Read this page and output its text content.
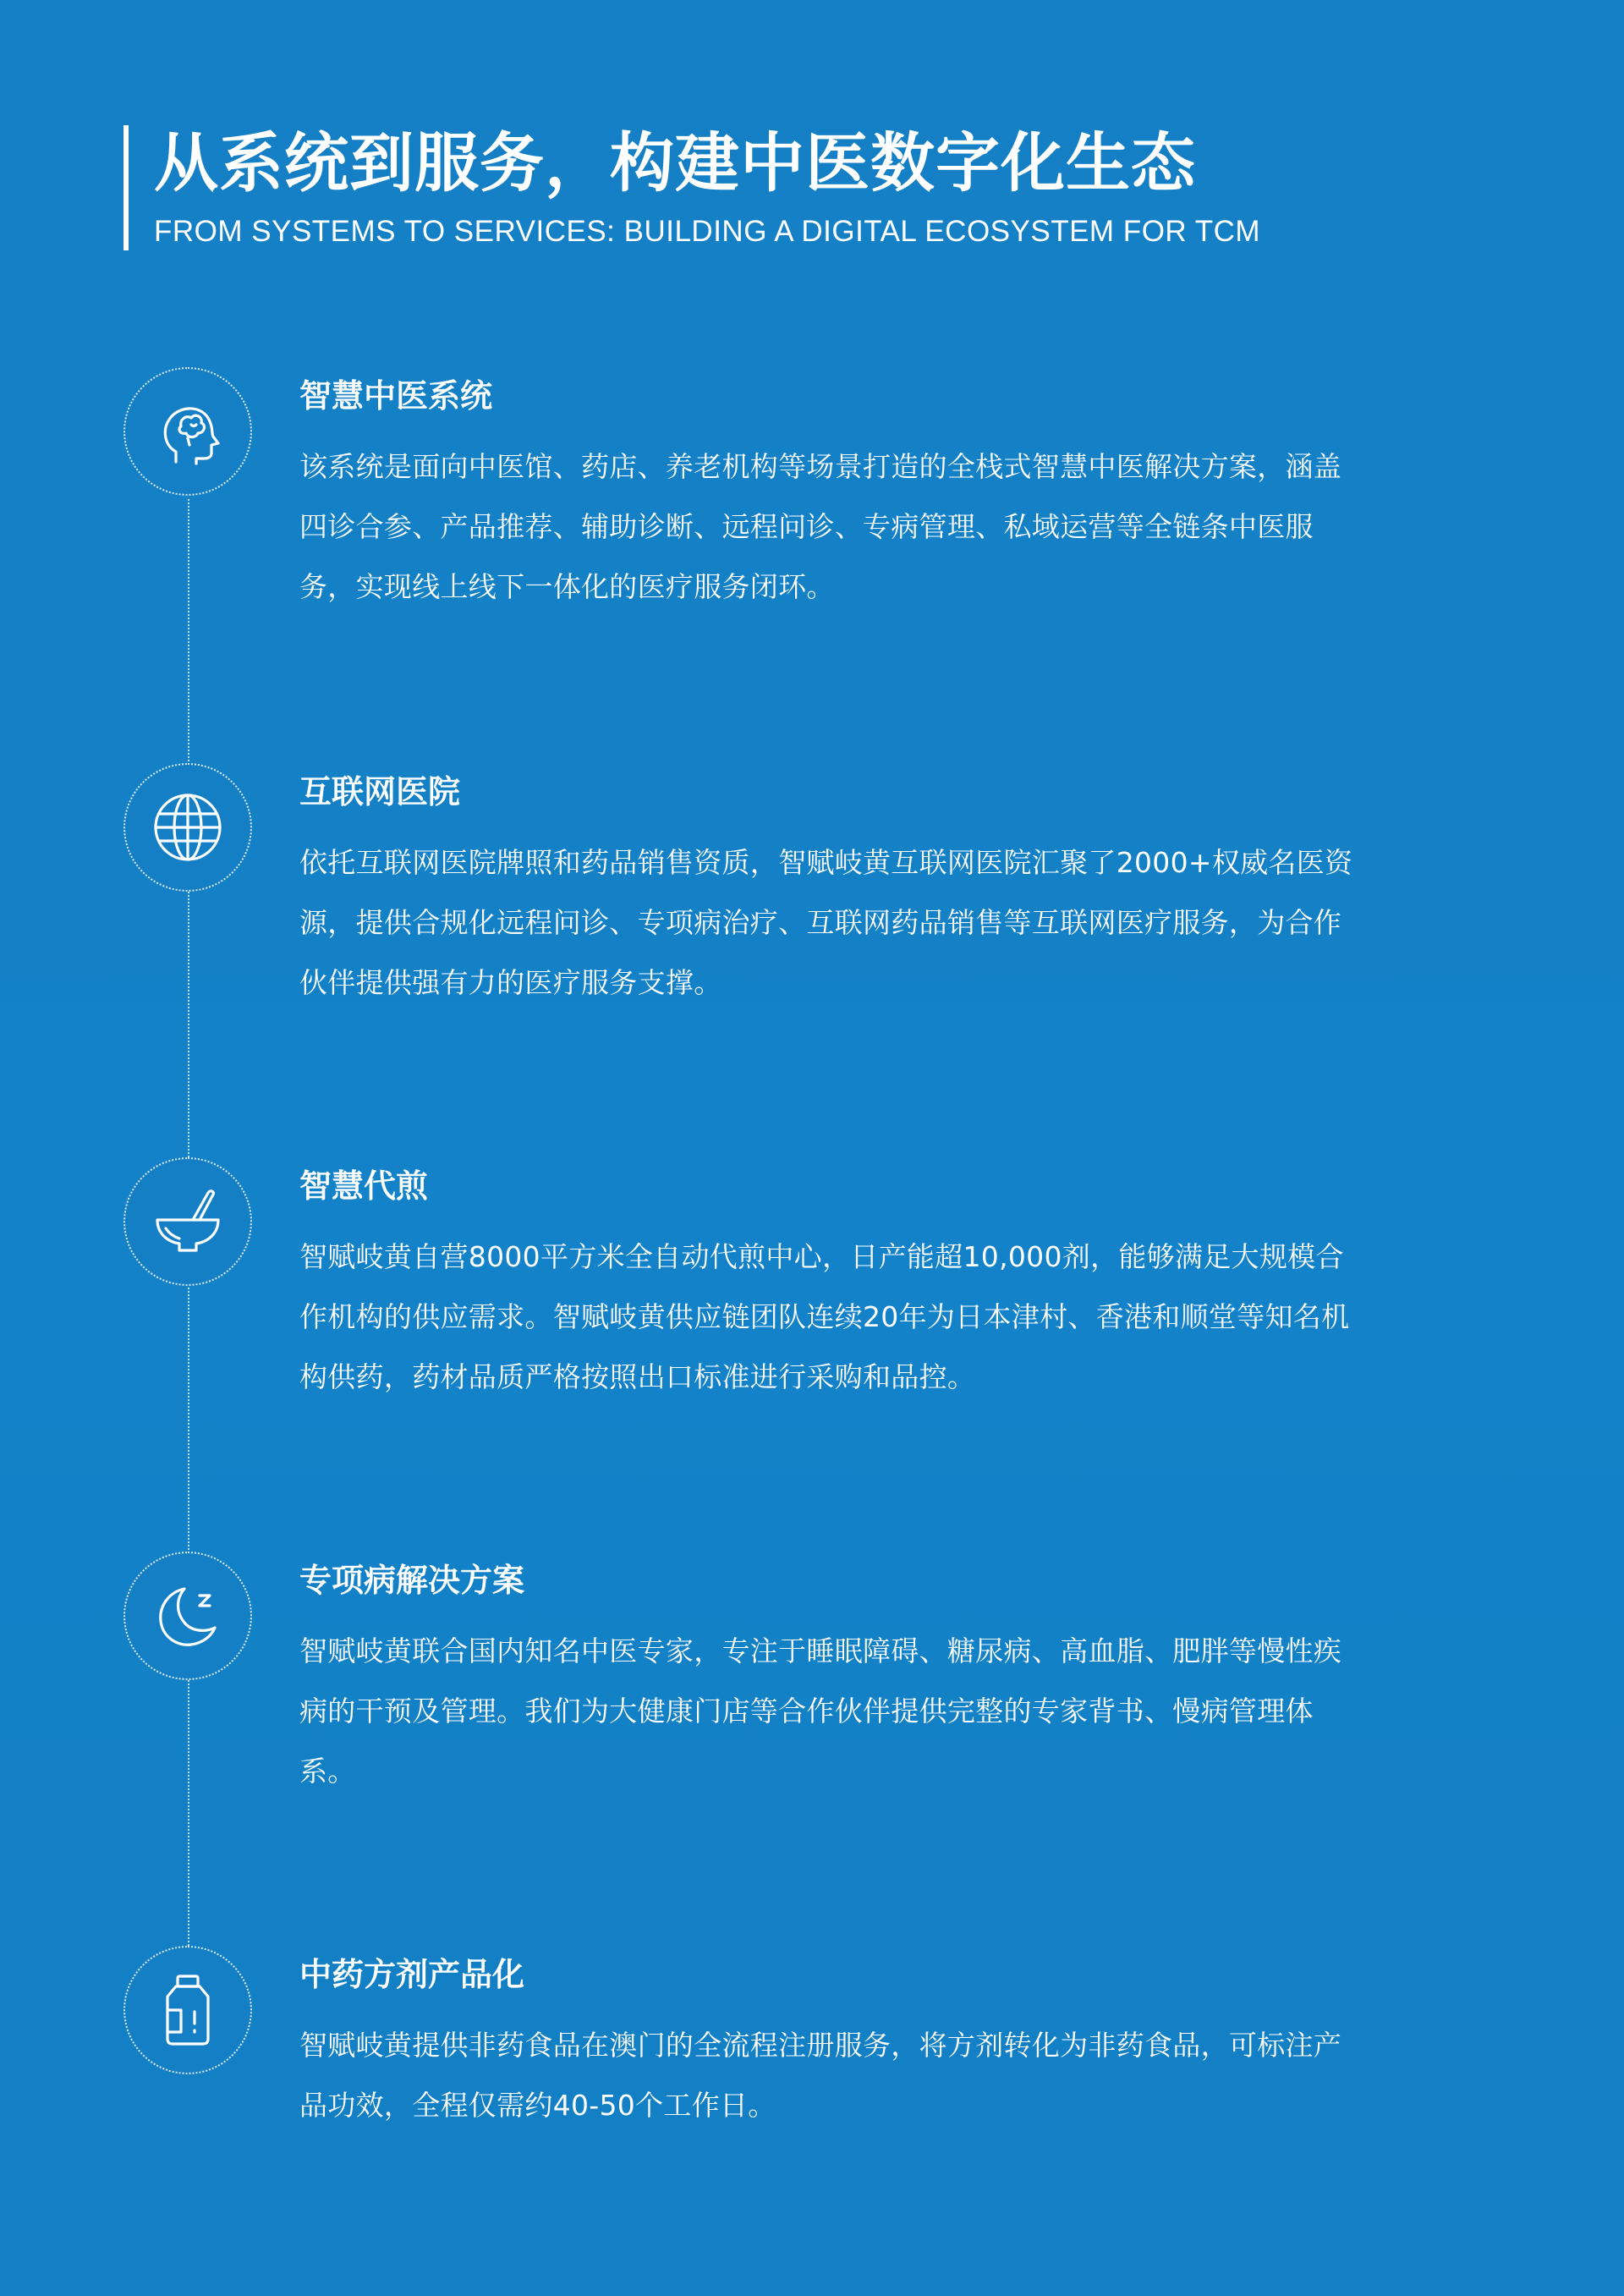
从系统到服务，构建中医数字化生态
FROM SYSTEMS TO SERVICES: BUILDING A DIGITAL ECOSYSTEM FOR TCM
智慧中医系统
该系统是面向中医馆、药店、养老机构等场景打造的全栈式智慧中医解决方案，涵盖四诊合参、产品推荐、辅助诊断、远程问诊、专病管理、私域运营等全链条中医服务，实现线上线下一体化的医疗服务闭环。
互联网医院
依托互联网医院牌照和药品销售资质，智赋岐黄互联网医院汇聚了2000+权威名医资源，提供合规化远程问诊、专项病治疗、互联网药品销售等互联网医疗服务，为合作伙伴提供强有力的医疗服务支撑。
智慧代煎
智赋岐黄自营8000平方米全自动代煎中心，日产能超10,000剂，能够满足大规模合作机构的供应需求。智赋岐黄供应链团队连续20年为日本津村、香港和顺堂等知名机构供药，药材品质严格按照出口标准进行采购和品控。
专项病解决方案
智赋岐黄联合国内知名中医专家，专注于睡眠障碍、糖尿病、高血脂、肥胖等慢性疾病的干预及管理。我们为大健康门店等合作伙伴提供完整的专家背书、慢病管理体系。
中药方剂产品化
智赋岐黄提供非药食品在澳门的全流程注册服务，将方剂转化为非药食品，可标注产品功效，全程仅需约40-50个工作日。
